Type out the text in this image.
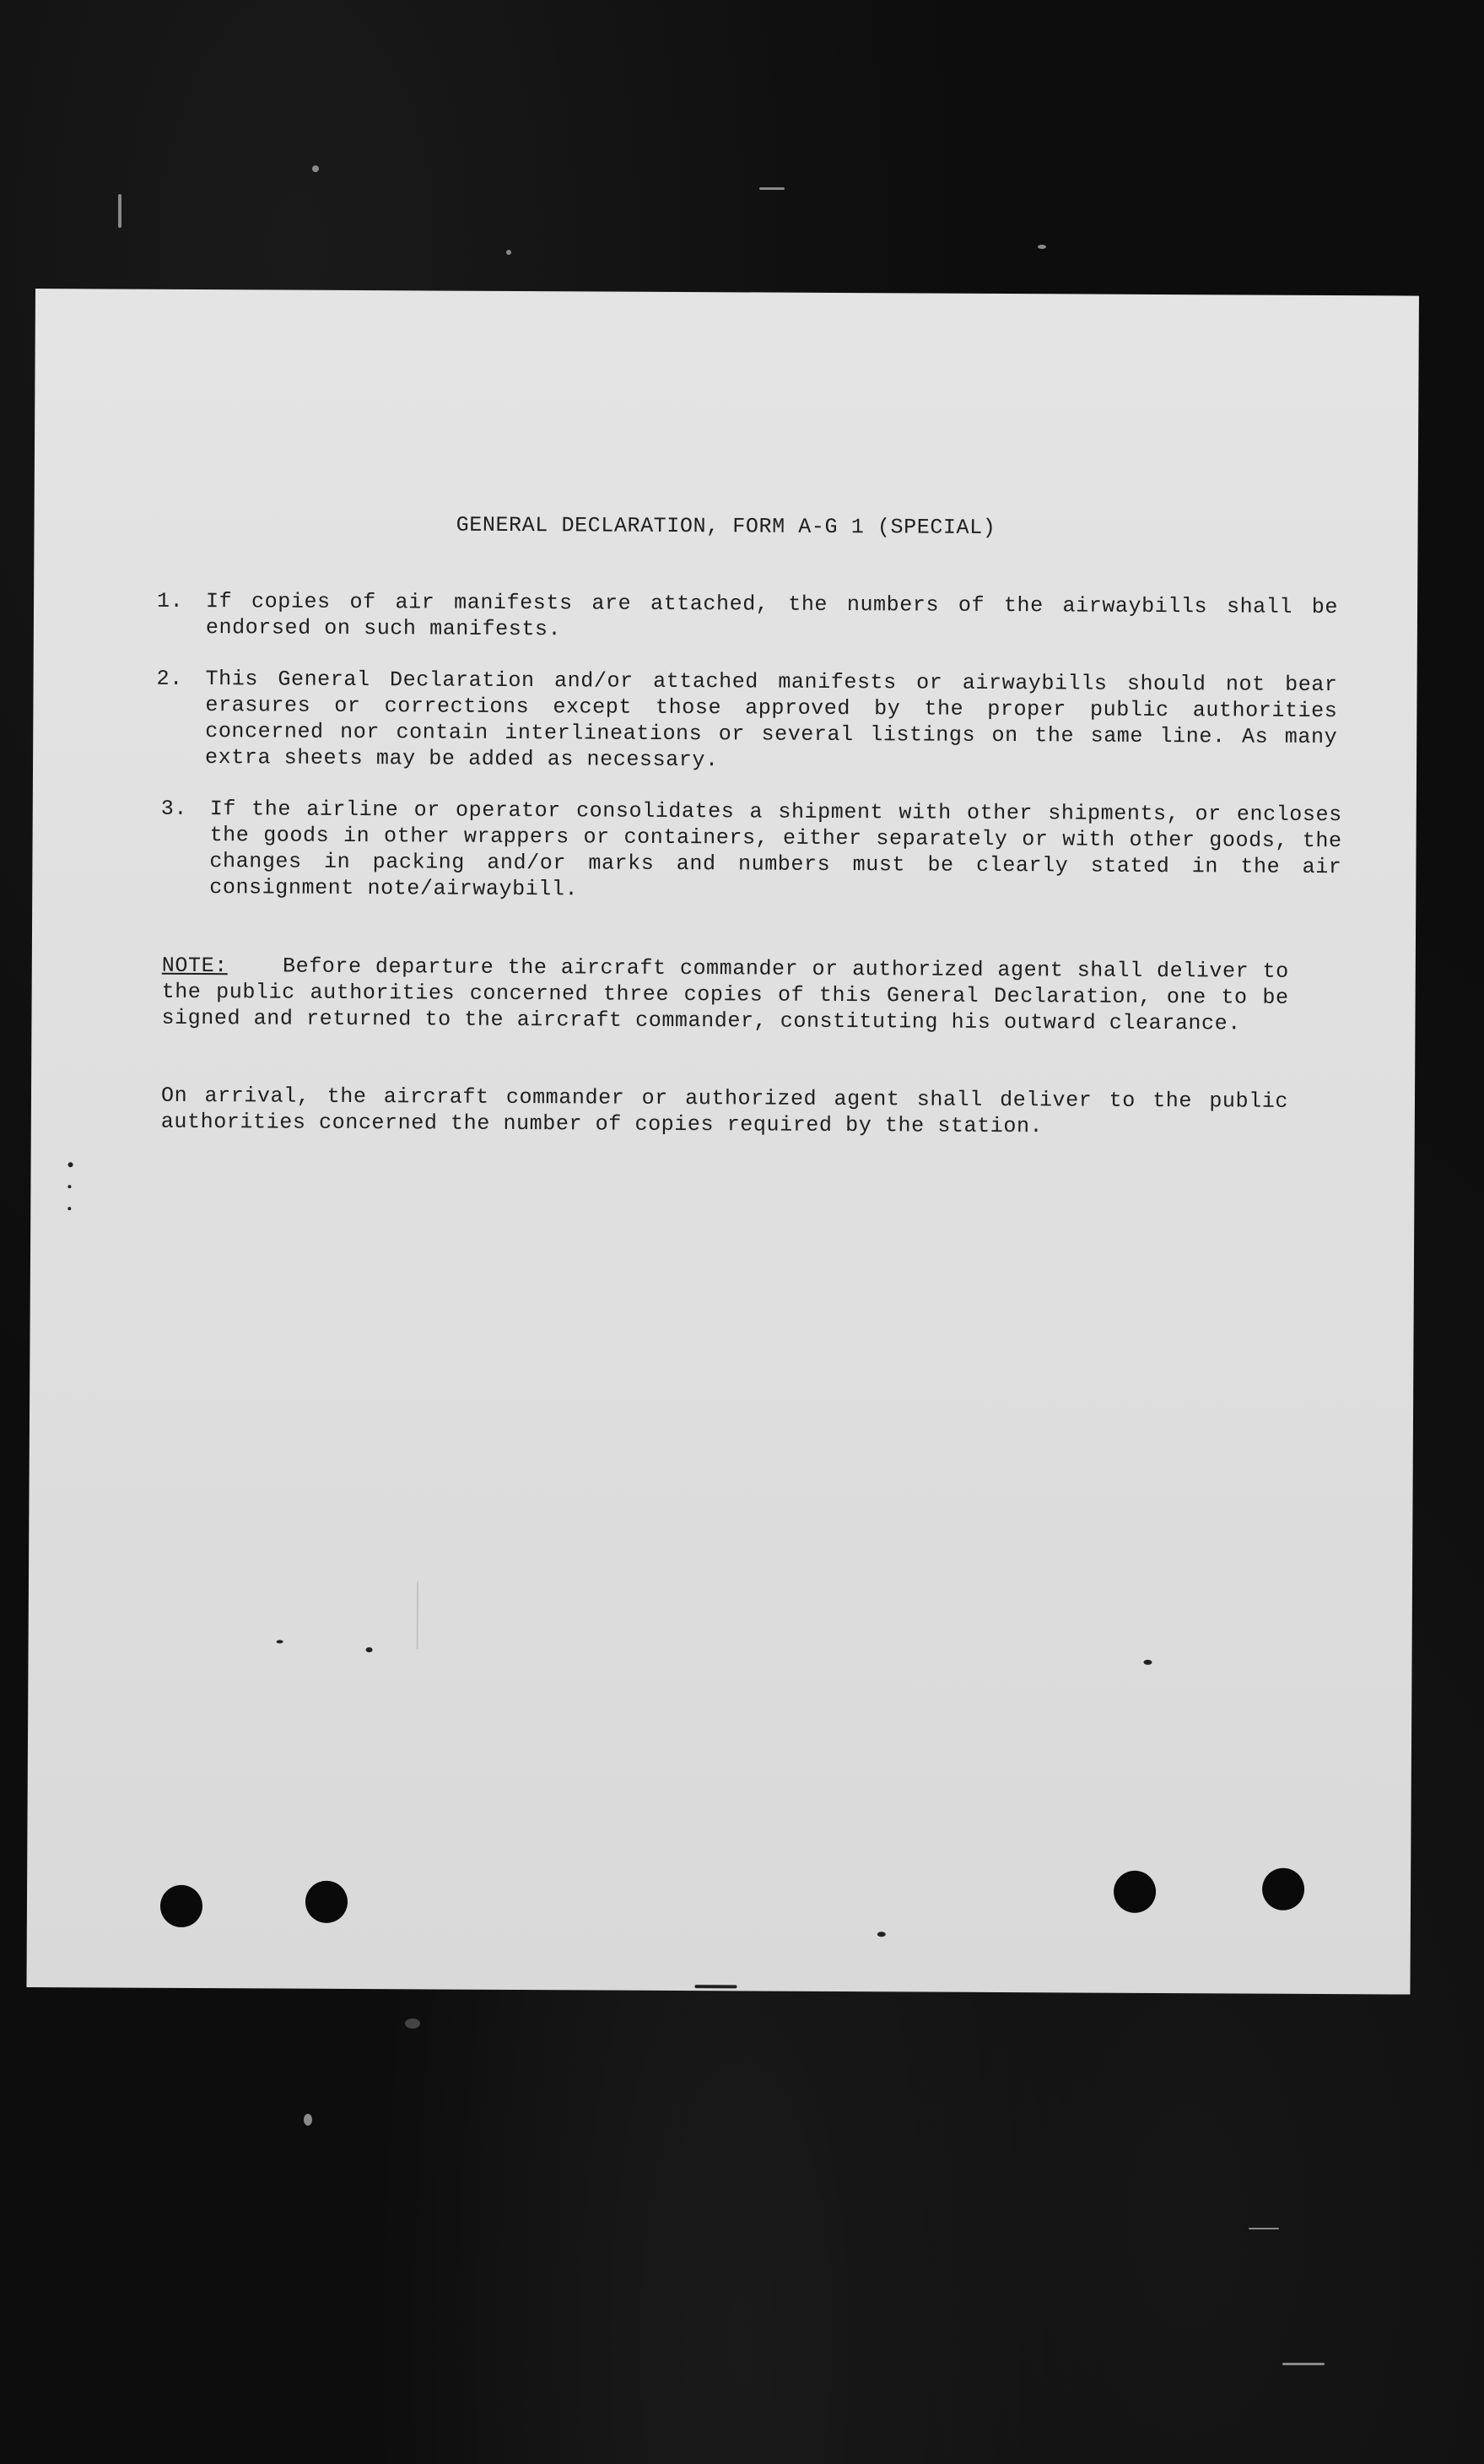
GENERAL DECLARATION, FORM A-G 1 (SPECIAL)
1. If copies of air manifests are attached, the numbers of the airwaybills shall be endorsed on such manifests.
2. This General Declaration and/or attached manifests or airwaybills should not bear erasures or corrections except those approved by the proper public authorities concerned nor contain interlineations or several listings on the same line. As many extra sheets may be added as necessary.
3. If the airline or operator consolidates a shipment with other shipments, or encloses the goods in other wrappers or containers, either separately or with other goods, the changes in packing and/or marks and numbers must be clearly stated in the air consignment note/airwaybill.

NOTE:	Before departure the aircraft commander or authorized agent shall deliver to the public authorities concerned three copies of this General Declaration, one to be signed and returned to the aircraft commander, constituting his outward clearance.

On arrival, the aircraft commander or authorized agent shall deliver to the public authorities concerned the number of copies required by the station.

​
​
